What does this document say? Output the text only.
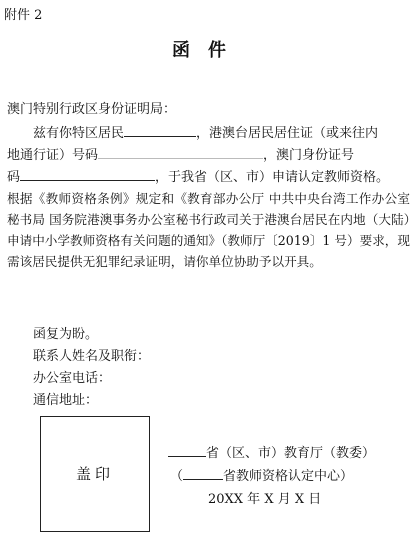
附件 2
函件
澳门特别行政区身份证明局：
兹有你特区居民	，港澳台居民居住证（或来往内
地通行证）号码	，澳门身份证号
码	，于我省（区、市）申请认定教师资格。
根据《教师资格条例》规定和《教育部办公厅 中共中央台湾工作办公室秘书局 国务院港澳事务办公室秘书行政司关于港澳台居民在内地（大陆）申请中小学教师资格有关问题的通知》（教师厅〔2019〕1 号）要求，现需该居民提供无犯罪纪录证明，请你单位协助予以开具。
函复为盼。
联系人姓名及职衔：
办公室电话：
通信地址：
盖印
省（区、市）教育厅（教委）
（	省教师资格认定中心）
20XX 年 X 月 X 日
